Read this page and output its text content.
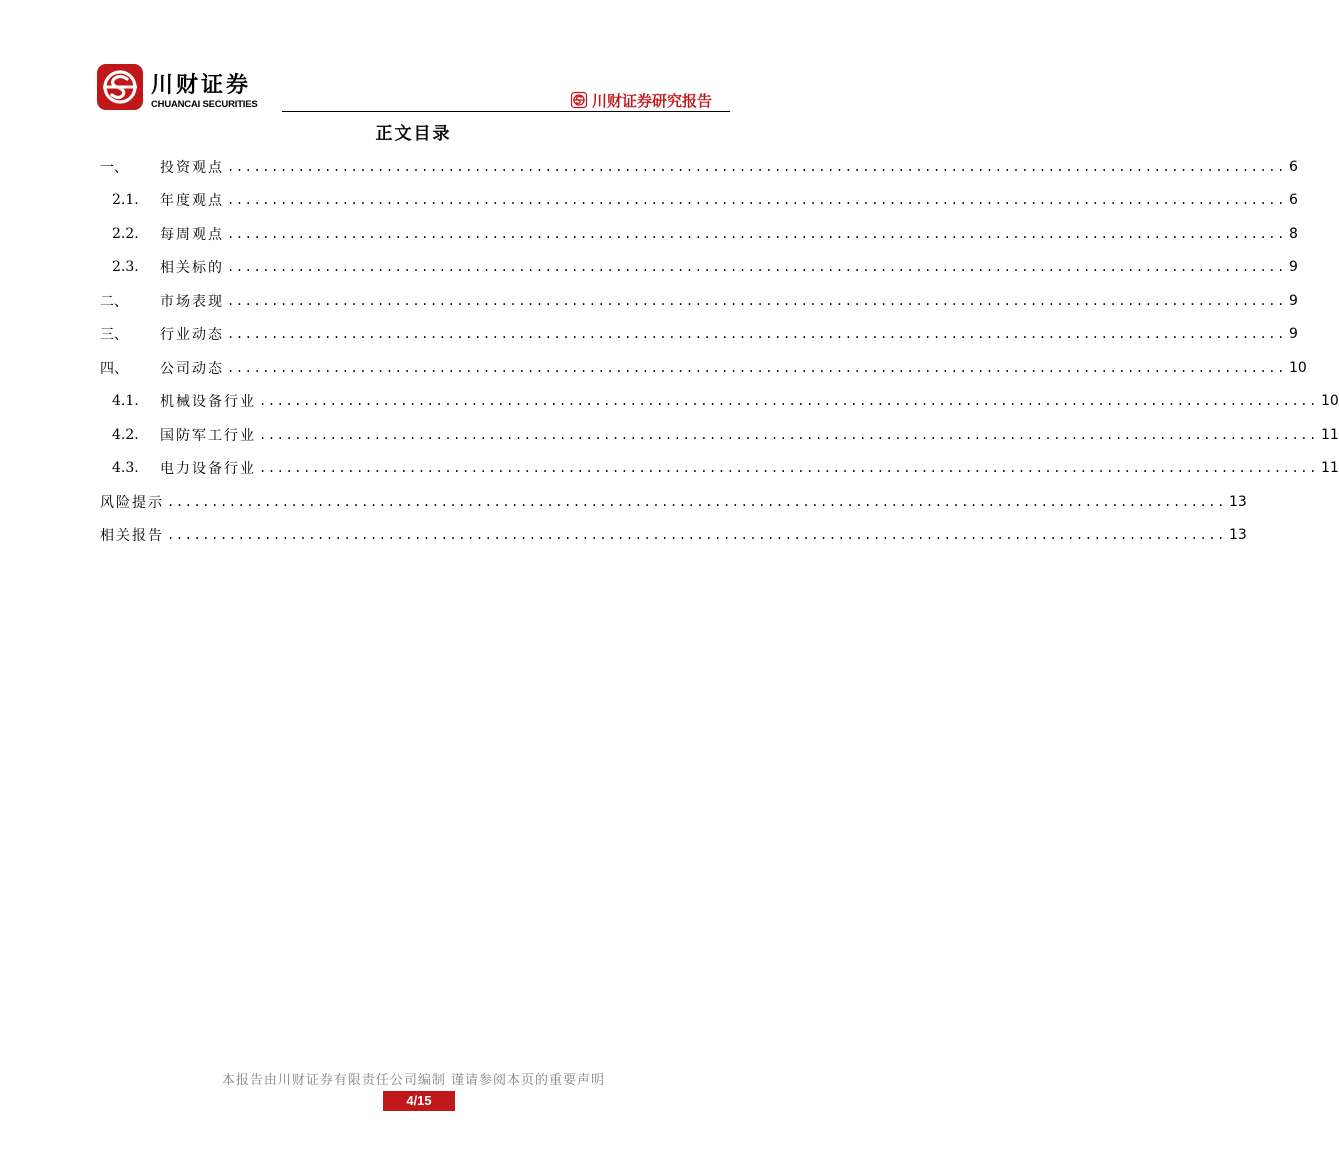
川财证券
CHUANCAI SECURITIES	川财证券研究报告
正文目录
一、	投资观点 ........................................................................................................................ 6
2.1.	年度观点 ........................................................................................................................ 6
2.2.	每周观点 ........................................................................................................................ 8
2.3.	相关标的 ........................................................................................................................ 9
二、	市场表现 ........................................................................................................................ 9
三、	行业动态 ........................................................................................................................ 9
四、	公司动态 ........................................................................................................................ 10
4.1.	机械设备行业 ........................................................................................................................ 10
4.2.	国防军工行业 ........................................................................................................................ 11
4.3.	电力设备行业 ........................................................................................................................ 11
风险提示 ........................................................................................................................ 13
相关报告 ........................................................................................................................ 13
本报告由川财证券有限责任公司编制 谨请参阅本页的重要声明
4/15
